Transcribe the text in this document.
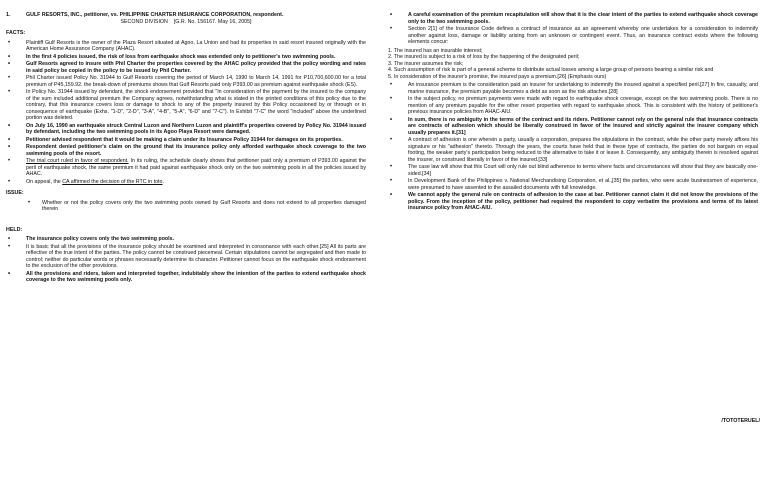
1.	GULF RESORTS, INC., petitioner, vs. PHILIPPINE CHARTER INSURANCE CORPORATION, respondent.
SECOND DIVISION [G.R. No. 156167. May 16, 2005]
FACTS:
• Plaintiff Gulf Resorts is the owner of the Plaza Resort situated at Agoo, La Union and had its properties in said resort insured originally with the American Home Assurance Company (AHAC).
• In the first 4 policies issued, the risk of loss from earthquake shock was extended only to petitioner's two swimming pools.
• Gulf Resorts agreed to insure with Phil Charter the properties covered by the AHAC policy provided that the policy wording and rates in said policy be copied in the policy to be issued by Phil Charter.
• Phil Charter issued Policy No. 31944 to Gulf Resorts covering the period of March 14, 1990 to March 14, 1991 for P10,700,600.00 for a total premium of P45,159.92. the break-down of premiums shows that Gulf Resorts paid only P393.00 as premium against earthquake shock (ES).
• In Policy No. 31944 issued by defendant, the shock endorsement provided that "In consideration of the payment by the insured to the company of the sum included additional premium the Company agrees, notwithstanding what is stated in the printed conditions of this policy due to the contrary, that this insurance covers loss or damage to shock to any of the property insured by this Policy occasioned by or through or in consequence of earthquake (Exhs. "1-D", "2-D", "3-A", "4-B", "5-A", "6-D" and "7-C"). In Exhibit "7-C" the word "included" above the underlined portion was deleted.
• On July 16, 1990 an earthquake struck Central Luzon and Northern Luzon and plaintiff's properties covered by Policy No. 31944 issued by defendant, including the two swimming pools in its Agoo Playa Resort were damaged.
• Petitioner advised respondent that it would be making a claim under its Insurance Policy 31944 for damages on its properties.
• Respondent denied petitioner's claim on the ground that its insurance policy only afforded earthquake shock coverage to the two swimming pools of the resort.
• The trial court ruled in favor of respondent. In its ruling, the schedule clearly shows that petitioner paid only a premium of P393.00 against the peril of earthquake shock, the same premium it had paid against earthquake shock only on the two swimming pools in all the policies issued by AHAC.
• On appeal, the CA affirmed the decision of the RTC in toto.
ISSUE:
• Whether or not the policy covers only the two swimming pools owned by Gulf Resorts and does not extend to all properties damaged therein
HELD:
• The insurance policy covers only the two swimming pools.
• It is basic that all the provisions of the insurance policy should be examined and interpreted in consonance with each other.[25] All its parts are reflective of the true intent of the parties. The policy cannot be construed piecemeal. Certain stipulations cannot be segregated and then made to control; neither do particular words or phrases necessarily determine its character. Petitioner cannot focus on the earthquake shock endorsement to the exclusion of the other provisions.
• All the provisions and riders, taken and interpreted together, indubitably show the intention of the parties to extend earthquake shock coverage to the two swimming pools only.
• A careful examination of the premium recapitulation will show that it is the clear intent of the parties to extend earthquake shock coverage only to the two swimming pools.
• Section 2[1] of the Insurance Code defines a contract of insurance as an agreement whereby one undertakes for a consideration to indemnify another against loss, damage or liability arising from an unknown or contingent event. Thus, an insurance contract exists where the following elements concur:
1. The insured has an insurable interest;
2. The insured is subject to a risk of loss by the happening of the designated peril;
3. The insurer assumes the risk;
4. Such assumption of risk is part of a general scheme to distribute actual losses among a large group of persons bearing a similar risk and
5. In consideration of the insurer's promise, the insured pays a premium.[26] (Emphasis ours)
• An insurance premium is the consideration paid an insurer for undertaking to indemnify the insured against a specified peril.[27] In fire, casualty, and marine insurance, the premium payable becomes a debt as soon as the risk attaches.[28]
• In the subject policy, no premium payments were made with regard to earthquake shock coverage, except on the two swimming pools. There is no mention of any premium payable for the other resort properties with regard to earthquake shock. This is consistent with the history of petitioner's previous insurance policies from AHAC-AIU.
• In sum, there is no ambiguity in the terms of the contract and its riders. Petitioner cannot rely on the general rule that insurance contracts are contracts of adhesion which should be liberally construed in favor of the insured and strictly against the insurer company which usually prepares it.[31]
• A contract of adhesion is one wherein a party, usually a corporation, prepares the stipulations in the contract, while the other party merely affixes his signature or his "adhesion" thereto. Through the years, the courts have held that in these type of contracts, the parties do not bargain on equal footing, the weaker party's participation being reduced to the alternative to take it or leave it. Consequently, any ambiguity therein is resolved against the insurer, or construed liberally in favor of the insured.[33]
• The case law will show that this Court will only rule out blind adherence to terms where facts and circumstances will show that they are basically one-sided.[34]
• In Development Bank of the Philippines v. National Merchandising Corporation, et al.,[35] the parties, who were acute businessmen of experience, were presumed to have assented to the assailed documents with full knowledge.
• We cannot apply the general rule on contracts of adhesion to the case at bar. Petitioner cannot claim it did not know the provisions of the policy. From the inception of the policy, petitioner had required the respondent to copy verbatim the provisions and terms of its latest insurance policy from AHAC-AIU.
/TOTOTERUEL/
